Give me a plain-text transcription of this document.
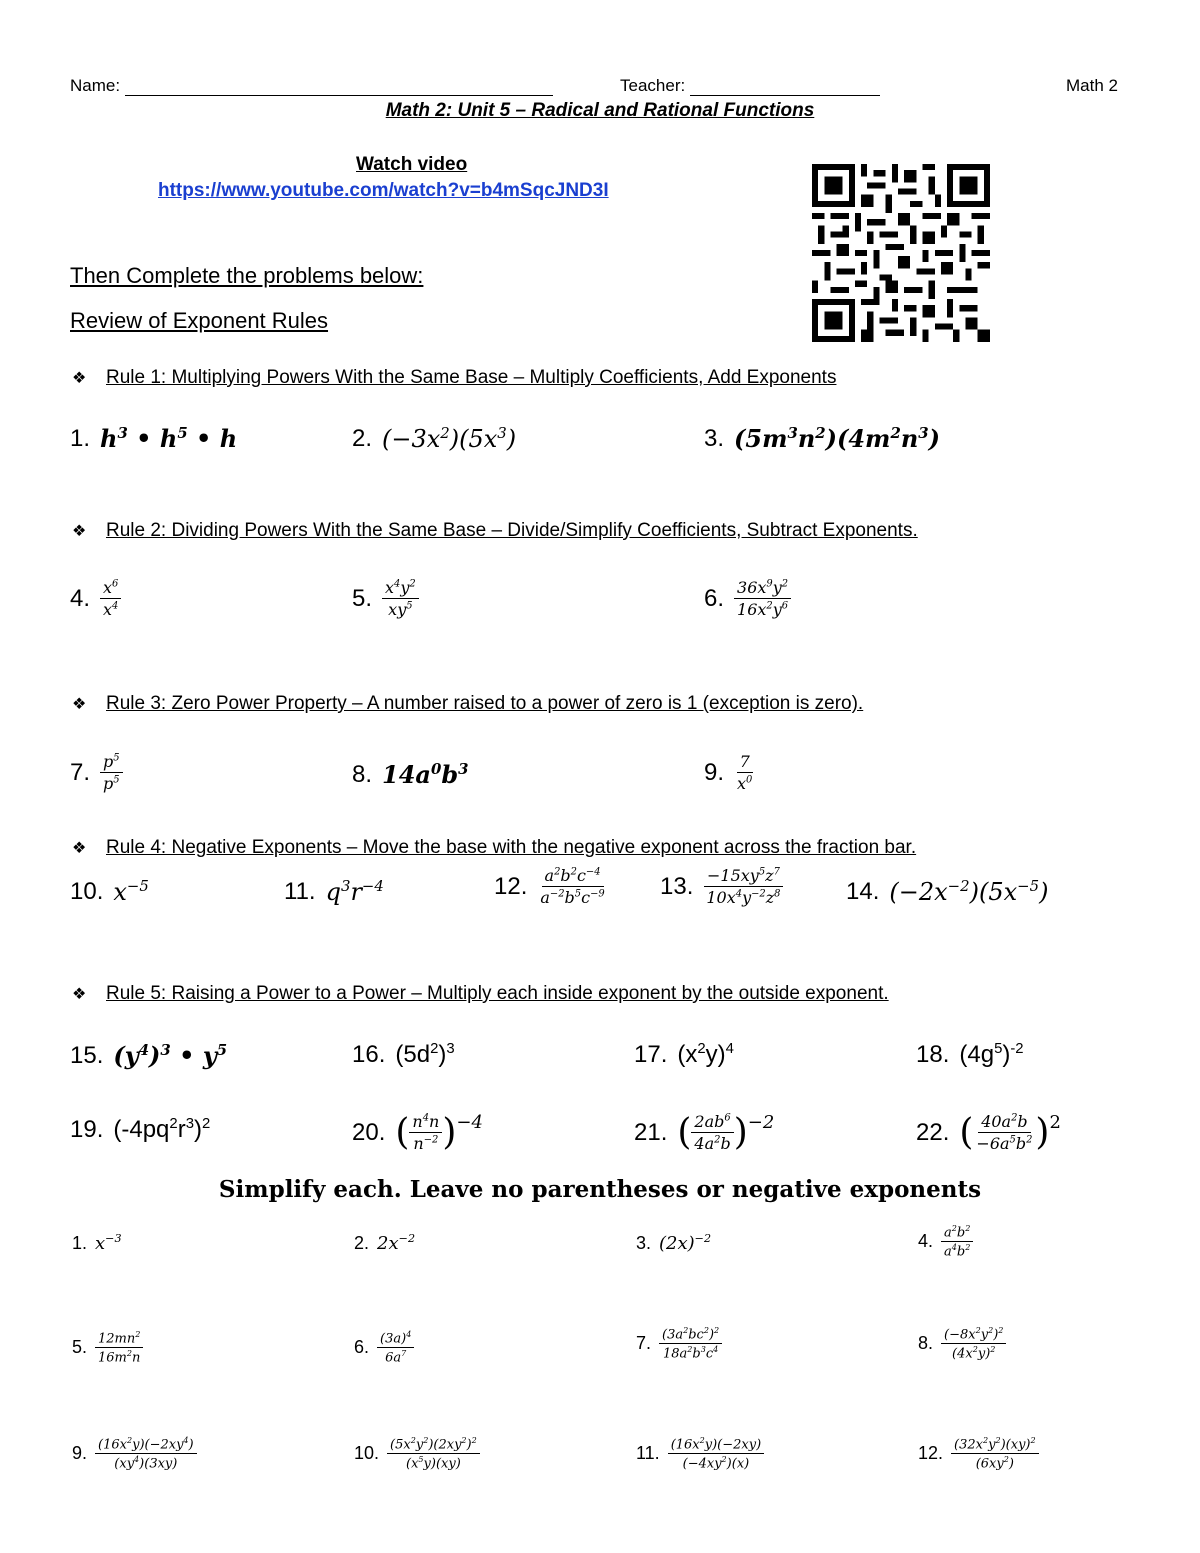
Name:	Teacher:	Math 2
Math 2: Unit 5 – Radical and Rational Functions
Watch video
https://www.youtube.com/watch?v=b4mSqcJND3I
Then Complete the problems below:
Review of Exponent Rules
❖ Rule 1: Multiplying Powers With the Same Base – Multiply Coefficients, Add Exponents
1. $h^3$ • $h^5$ • h	2. $(-3x^2)(5x^3)$	3. $(5m^3n^2)(4m^2n^3)$
❖ Rule 2: Dividing Powers With the Same Base – Divide/Simplify Coefficients, Subtract Exponents.
4. $\frac{x^6}{x^4}$	5. $\frac{x^4y^2}{xy^5}$	6. $\frac{36x^9y^2}{16x^2y^6}$
❖ Rule 3: Zero Power Property – A number raised to a power of zero is 1 (exception is zero).
7. $\frac{p^5}{p^5}$	8. $14a^0b^3$	9. $\frac{7}{x^0}$
❖ Rule 4: Negative Exponents – Move the base with the negative exponent across the fraction bar.
10. $x^{-5}$	11. $q^3r^{-4}$	12. $\frac{a^2b^2c^{-4}}{a^{-2}b^5c^{-9}} 13$. $\frac{-15xy^5z^7}{10x^4y^{-2}z^8}$	14. $(-2x^{-2})(5x^{-5})$
❖ Rule 5: Raising a Power to a Power – Multiply each inside exponent by the outside exponent.
15. $(y^4)^3$ • $y^5$	16. $(5d^2)^3$	17. $(x^2y)^4$	18. $(4g^5)^{-2}$
19. $(-4pq^2r^3)^2$	20. ( $\frac{n^4n}{n^{-2}}$ ) −4	21. ( $\frac{2ab^6}{4a^2b}$ ) −2	22. ( $\frac{40a^2b}{-6a^5b^2}$ ) 2
Simplify each. Leave no parentheses or negative exponents
1. $x^{-3}$	2. $2x^{-2}$	3. $(2x)^{-2}$	4. $\frac{a^2b^2}{a^4b^2}$
5. $\frac{12mn^2}{16m^2n}$	6. $\frac{(3a)^4}{6a^7}$	7. $\frac{(3a^2bc^2)^2}{18a^2b^3c^4}$	8. $\frac{(-8x^2y^2)^2}{(4x^2y)^2}$
9. $\frac{(16x^2y)(-2xy^4)}{(xy^4)(3xy)}$	10. $\frac{(5x^2y^2)(2xy^2)^2}{(x^5y)(xy)}$	11. $\frac{(16x^2y)(-2xy)}{(-4xy^2)(x)}$	12. $\frac{(32x^2y^2)(xy)^2}{(6xy^2)}$
